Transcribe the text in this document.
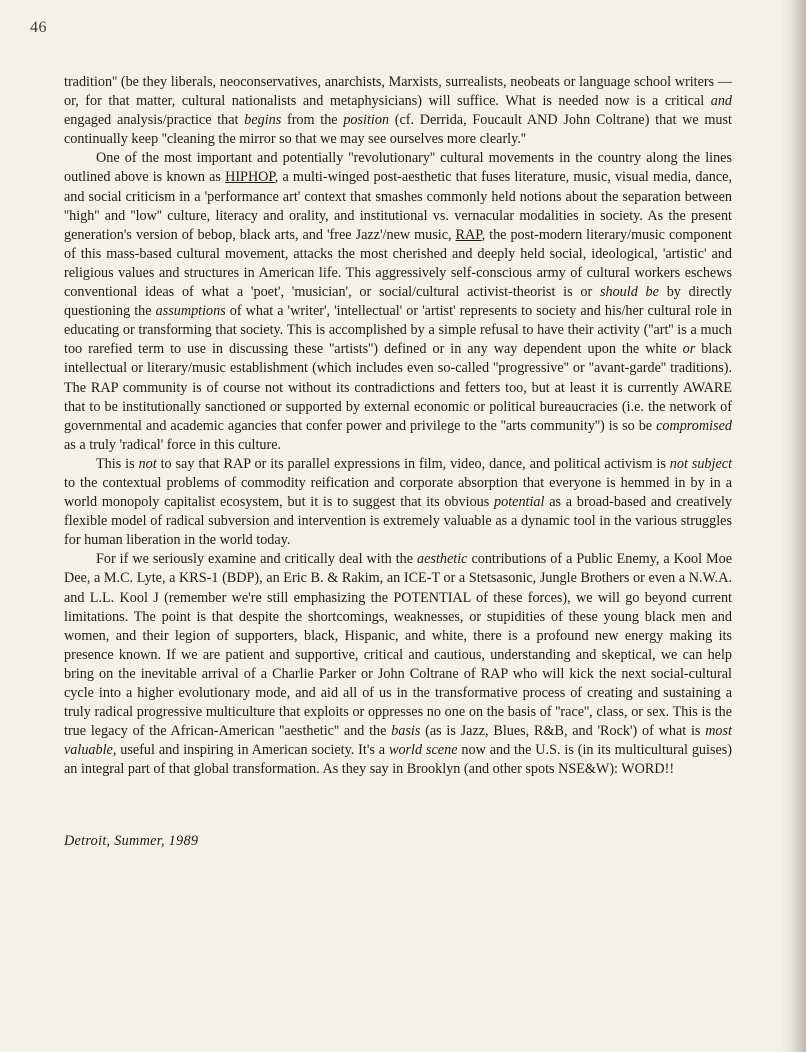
46

tradition'' (be they liberals, neoconservatives, anarchists, Marxists, surrealists, neobeats or language school writers — or, for that matter, cultural nationalists and metaphysicians) will suffice. What is needed now is a critical and engaged analysis/practice that begins from the position (cf. Derrida, Foucault AND John Coltrane) that we must continually keep ''cleaning the mirror so that we may see ourselves more clearly.''

One of the most important and potentially ''revolutionary'' cultural movements in the country along the lines outlined above is known as HIPHOP, a multi-winged post-aesthetic that fuses literature, music, visual media, dance, and social criticism in a 'performance art' context that smashes commonly held notions about the separation between ''high'' and ''low'' culture, literacy and orality, and institutional vs. vernacular modalities in society. As the present generation's version of bebop, black arts, and 'free Jazz'/new music, RAP, the post-modern literary/music component of this mass-based cultural movement, attacks the most cherished and deeply held social, ideological, 'artistic' and religious values and structures in American life. This aggressively self-conscious army of cultural workers eschews conventional ideas of what a 'poet', 'musician', or social/cultural activist-theorist is or should be by directly questioning the assumptions of what a 'writer', 'intellectual' or 'artist' represents to society and his/her cultural role in educating or transforming that society. This is accomplished by a simple refusal to have their activity (''art'' is a much too rarefied term to use in discussing these ''artists'') defined or in any way dependent upon the white or black intellectual or literary/music establishment (which includes even so-called ''progressive'' or ''avant-garde'' traditions). The RAP community is of course not without its contradictions and fetters too, but at least it is currently AWARE that to be institutionally sanctioned or supported by external economic or political bureaucracies (i.e. the network of governmental and academic agancies that confer power and privilege to the ''arts community'') is so be compromised as a truly 'radical' force in this culture.

This is not to say that RAP or its parallel expressions in film, video, dance, and political activism is not subject to the contextual problems of commodity reification and corporate absorption that everyone is hemmed in by in a world monopoly capitalist ecosystem, but it is to suggest that its obvious potential as a broad-based and creatively flexible model of radical subversion and intervention is extremely valuable as a dynamic tool in the various struggles for human liberation in the world today.

For if we seriously examine and critically deal with the aesthetic contributions of a Public Enemy, a Kool Moe Dee, a M.C. Lyte, a KRS-1 (BDP), an Eric B. & Rakim, an ICE-T or a Stetsasonic, Jungle Brothers or even a N.W.A. and L.L. Kool J (remember we're still emphasizing the POTENTIAL of these forces), we will go beyond current limitations. The point is that despite the shortcomings, weaknesses, or stupidities of these young black men and women, and their legion of supporters, black, Hispanic, and white, there is a profound new energy making its presence known. If we are patient and supportive, critical and cautious, understanding and skeptical, we can help bring on the inevitable arrival of a Charlie Parker or John Coltrane of RAP who will kick the next social-cultural cycle into a higher evolutionary mode, and aid all of us in the transformative process of creating and sustaining a truly radical progressive multiculture that exploits or oppresses no one on the basis of ''race'', class, or sex. This is the true legacy of the African-American ''aesthetic'' and the basis (as is Jazz, Blues, R&B, and 'Rock') of what is most valuable, useful and inspiring in American society. It's a world scene now and the U.S. is (in its multicultural guises) an integral part of that global transformation. As they say in Brooklyn (and other spots NSE&W): WORD!!

Detroit, Summer, 1989
